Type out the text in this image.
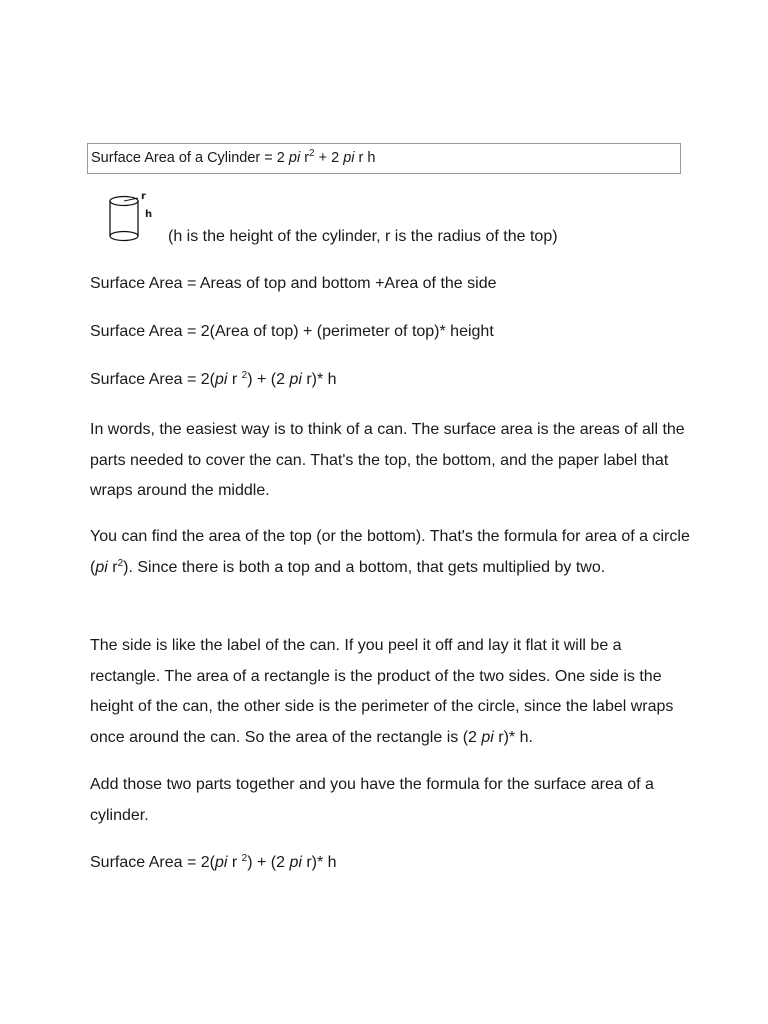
Surface Area of a Cylinder = 2 pi $r^2 + 2$ pi r h
r
h
(h is the height of the cylinder, r is the radius of the top)

Surface Area = Areas of top and bottom +Area of the side

Surface Area = 2(Area of top) + (perimeter of top)* height

Surface Area = 2(pi r $^2$) + (2 pi r)* h

In words, the easiest way is to think of a can. The surface area is the areas of all the parts needed to cover the can. That's the top, the bottom, and the paper label that wraps around the middle.

You can find the area of the top (or the bottom). That's the formula for area of a circle (pi $r^2$). Since there is both a top and a bottom, that gets multiplied by two.

The side is like the label of the can. If you peel it off and lay it flat it will be a rectangle. The area of a rectangle is the product of the two sides. One side is the height of the can, the other side is the perimeter of the circle, since the label wraps once around the can. So the area of the rectangle is (2 pi r)* h.

Add those two parts together and you have the formula for the surface area of a cylinder.

Surface Area = 2(pi r $^2$) + (2 pi r)* h
